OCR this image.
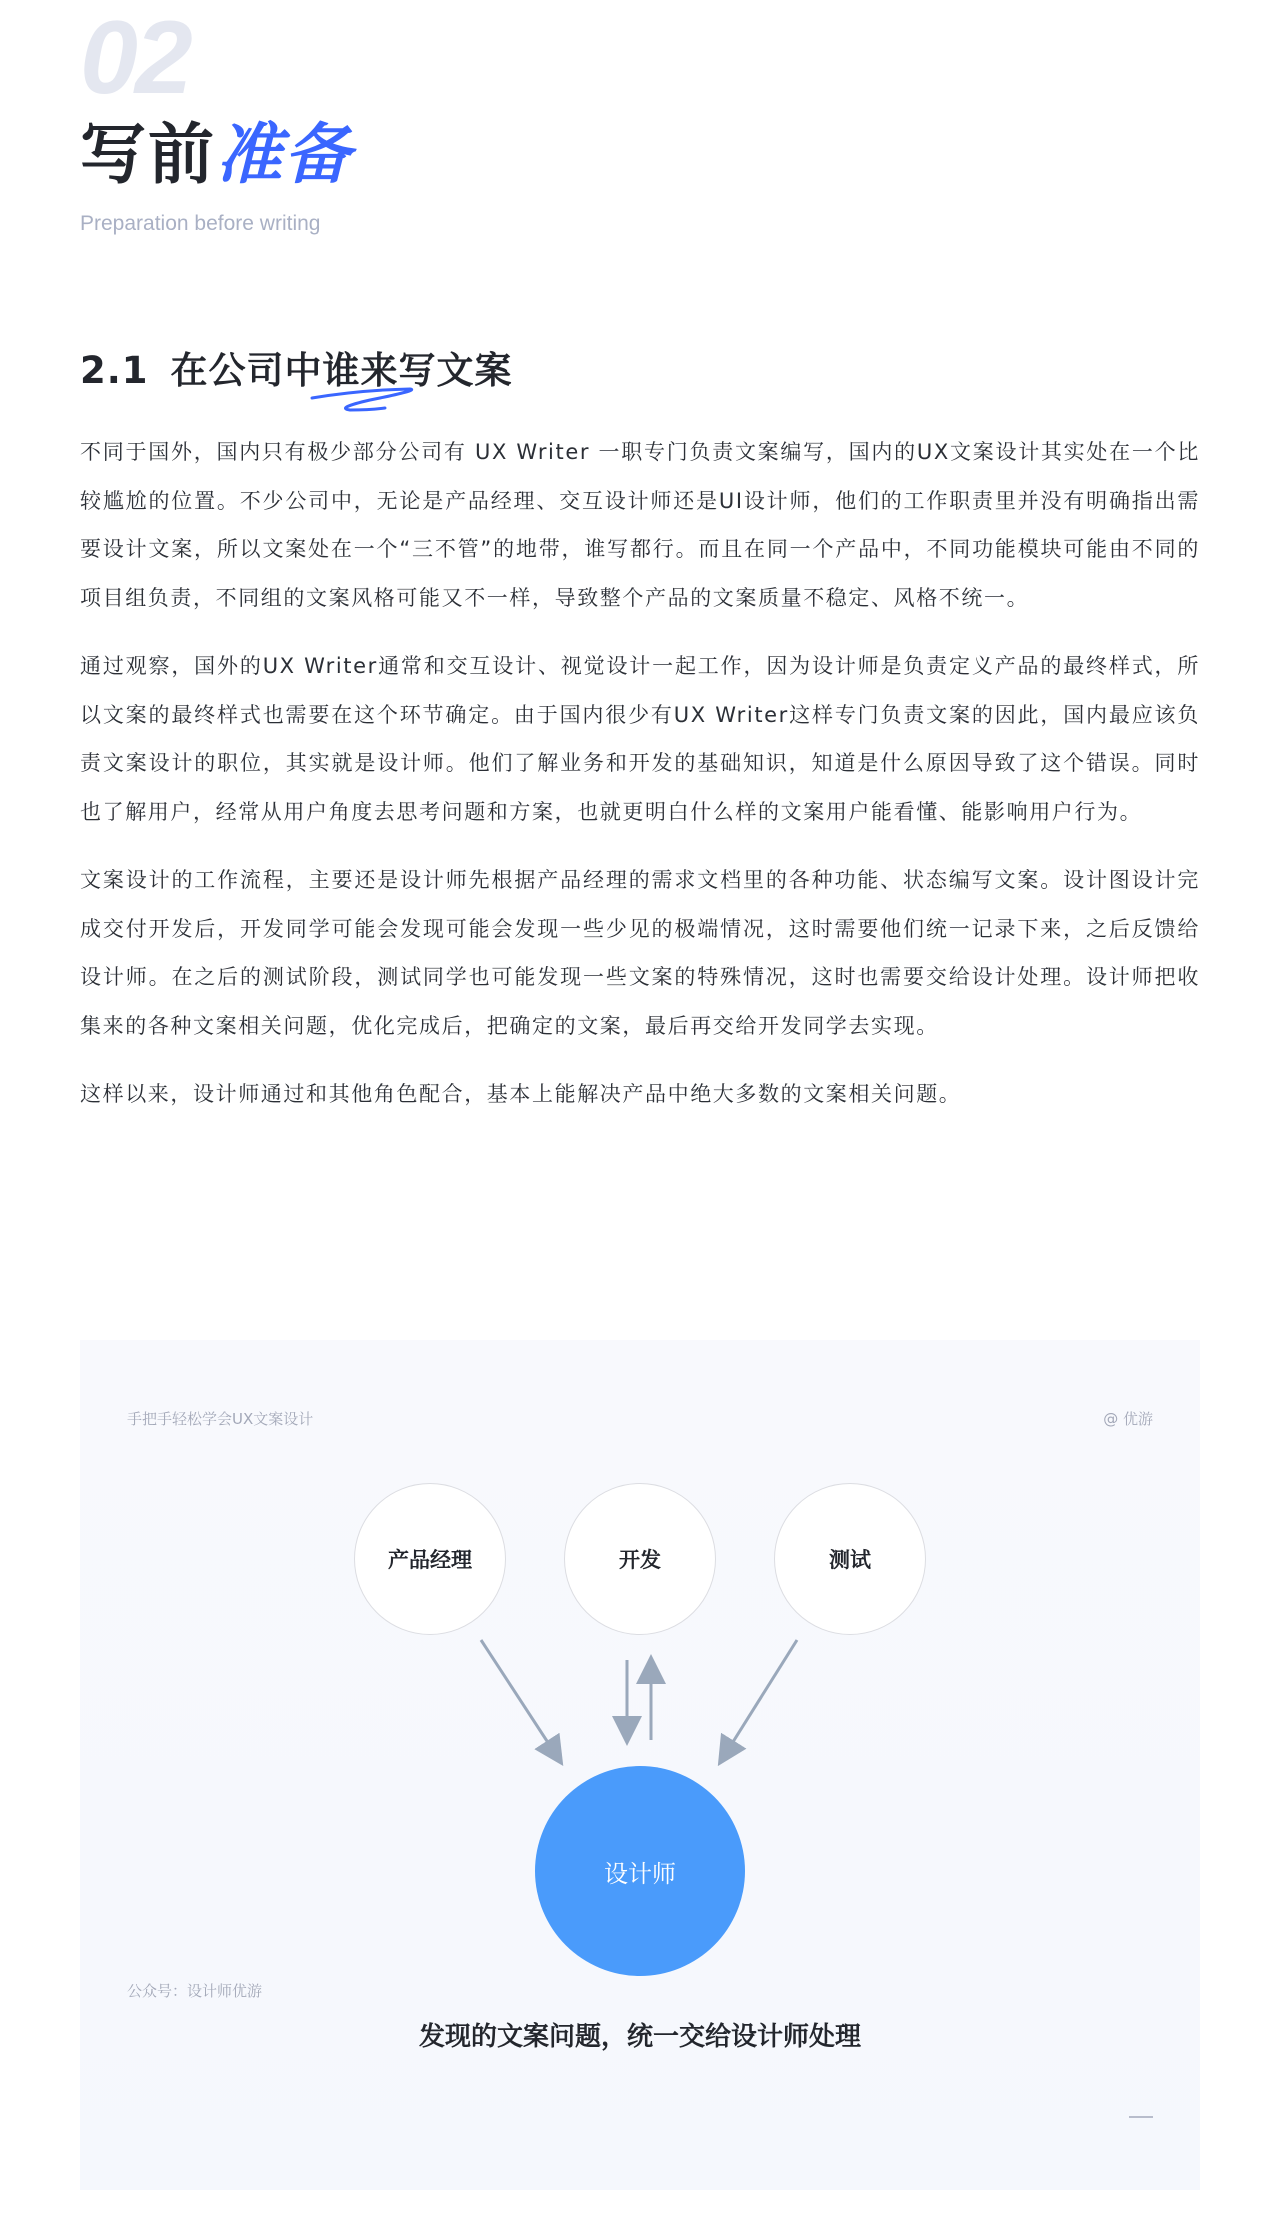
02
写前准备
Preparation before writing
2.1 在公司中谁来写文案

不同于国外，国内只有极少部分公司有 UX Writer 一职专门负责文案编写，国内的UX文案设计其实处在一个比较尴尬的位置。不少公司中，无论是产品经理、交互设计师还是UI设计师，他们的工作职责里并没有明确指出需要设计文案，所以文案处在一个“三不管”的地带，谁写都行。而且在同一个产品中，不同功能模块可能由不同的项目组负责，不同组的文案风格可能又不一样，导致整个产品的文案质量不稳定、风格不统一。

通过观察，国外的UX Writer通常和交互设计、视觉设计一起工作，因为设计师是负责定义产品的最终样式，所以文案的最终样式也需要在这个环节确定。由于国内很少有UX Writer这样专门负责文案的因此，国内最应该负责文案设计的职位，其实就是设计师。他们了解业务和开发的基础知识，知道是什么原因导致了这个错误。同时也了解用户，经常从用户角度去思考问题和方案，也就更明白什么样的文案用户能看懂、能影响用户行为。

文案设计的工作流程，主要还是设计师先根据产品经理的需求文档里的各种功能、状态编写文案。设计图设计完成交付开发后，开发同学可能会发现可能会发现一些少见的极端情况，这时需要他们统一记录下来，之后反馈给设计师。在之后的测试阶段，测试同学也可能发现一些文案的特殊情况，这时也需要交给设计处理。设计师把收集来的各种文案相关问题，优化完成后，把确定的文案，最后再交给开发同学去实现。

这样以来，设计师通过和其他角色配合，基本上能解决产品中绝大多数的文案相关问题。

手把手轻松学会UX文案设计	@ 优游
产品经理	开发	测试
设计师
发现的文案问题，统一交给设计师处理
公众号：设计师优游
